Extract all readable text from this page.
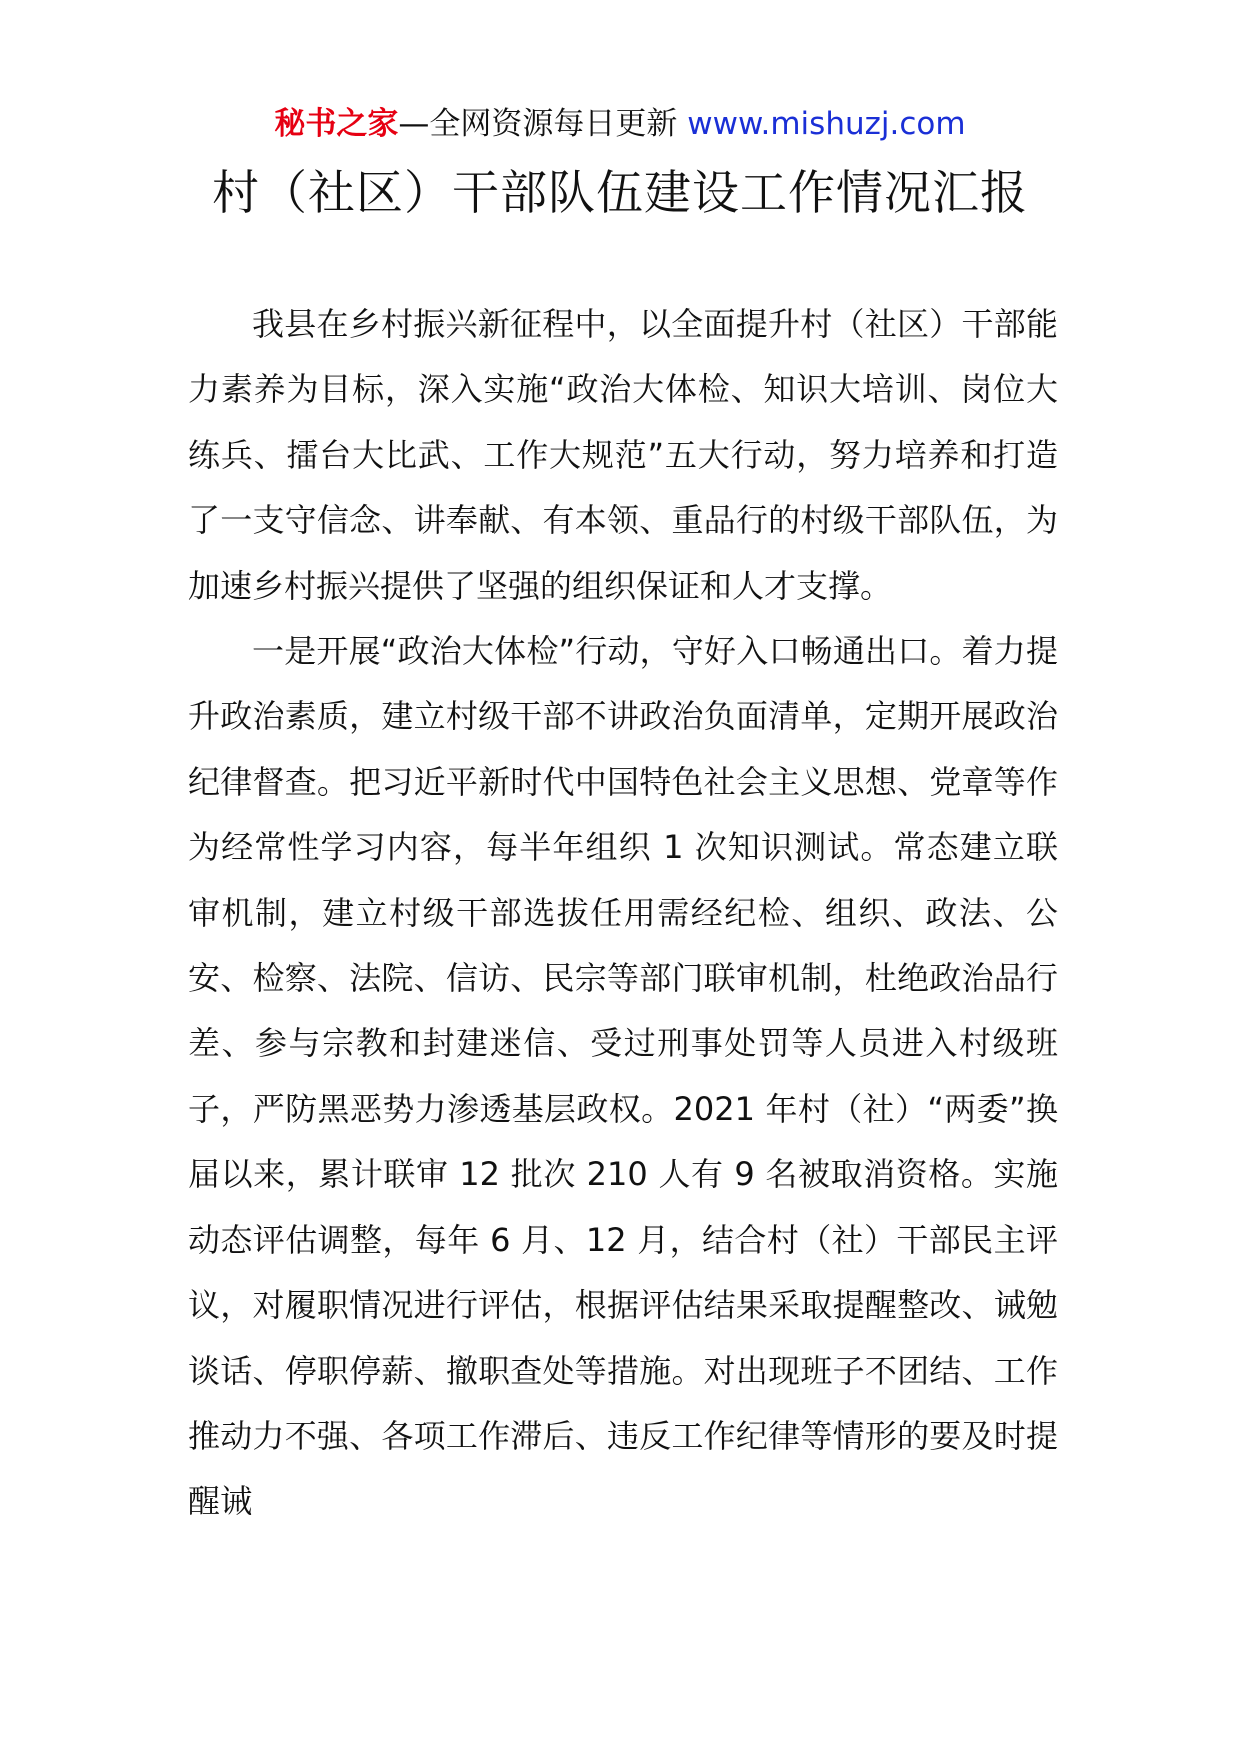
秘书之家—全网资源每日更新 www.mishuzj.com
村（社区）干部队伍建设工作情况汇报

我县在乡村振兴新征程中，以全面提升村（社区）干部能力素养为目标，深入实施“政治大体检、知识大培训、岗位大练兵、擂台大比武、工作大规范”五大行动，努力培养和打造了一支守信念、讲奉献、有本领、重品行的村级干部队伍，为加速乡村振兴提供了坚强的组织保证和人才支撑。

一是开展“政治大体检”行动，守好入口畅通出口。着力提升政治素质，建立村级干部不讲政治负面清单，定期开展政治纪律督查。把习近平新时代中国特色社会主义思想、党章等作为经常性学习内容，每半年组织 1 次知识测试。常态建立联审机制，建立村级干部选拔任用需经纪检、组织、政法、公安、检察、法院、信访、民宗等部门联审机制，杜绝政治品行差、参与宗教和封建迷信、受过刑事处罚等人员进入村级班子，严防黑恶势力渗透基层政权。2021 年村（社）“两委”换届以来，累计联审 12 批次 210 人有 9 名被取消资格。实施动态评估调整，每年 6 月、12 月，结合村（社）干部民主评议，对履职情况进行评估，根据评估结果采取提醒整改、诫勉谈话、停职停薪、撤职查处等措施。对出现班子不团结、工作推动力不强、各项工作滞后、违反工作纪律等情形的要及时提醒诫
